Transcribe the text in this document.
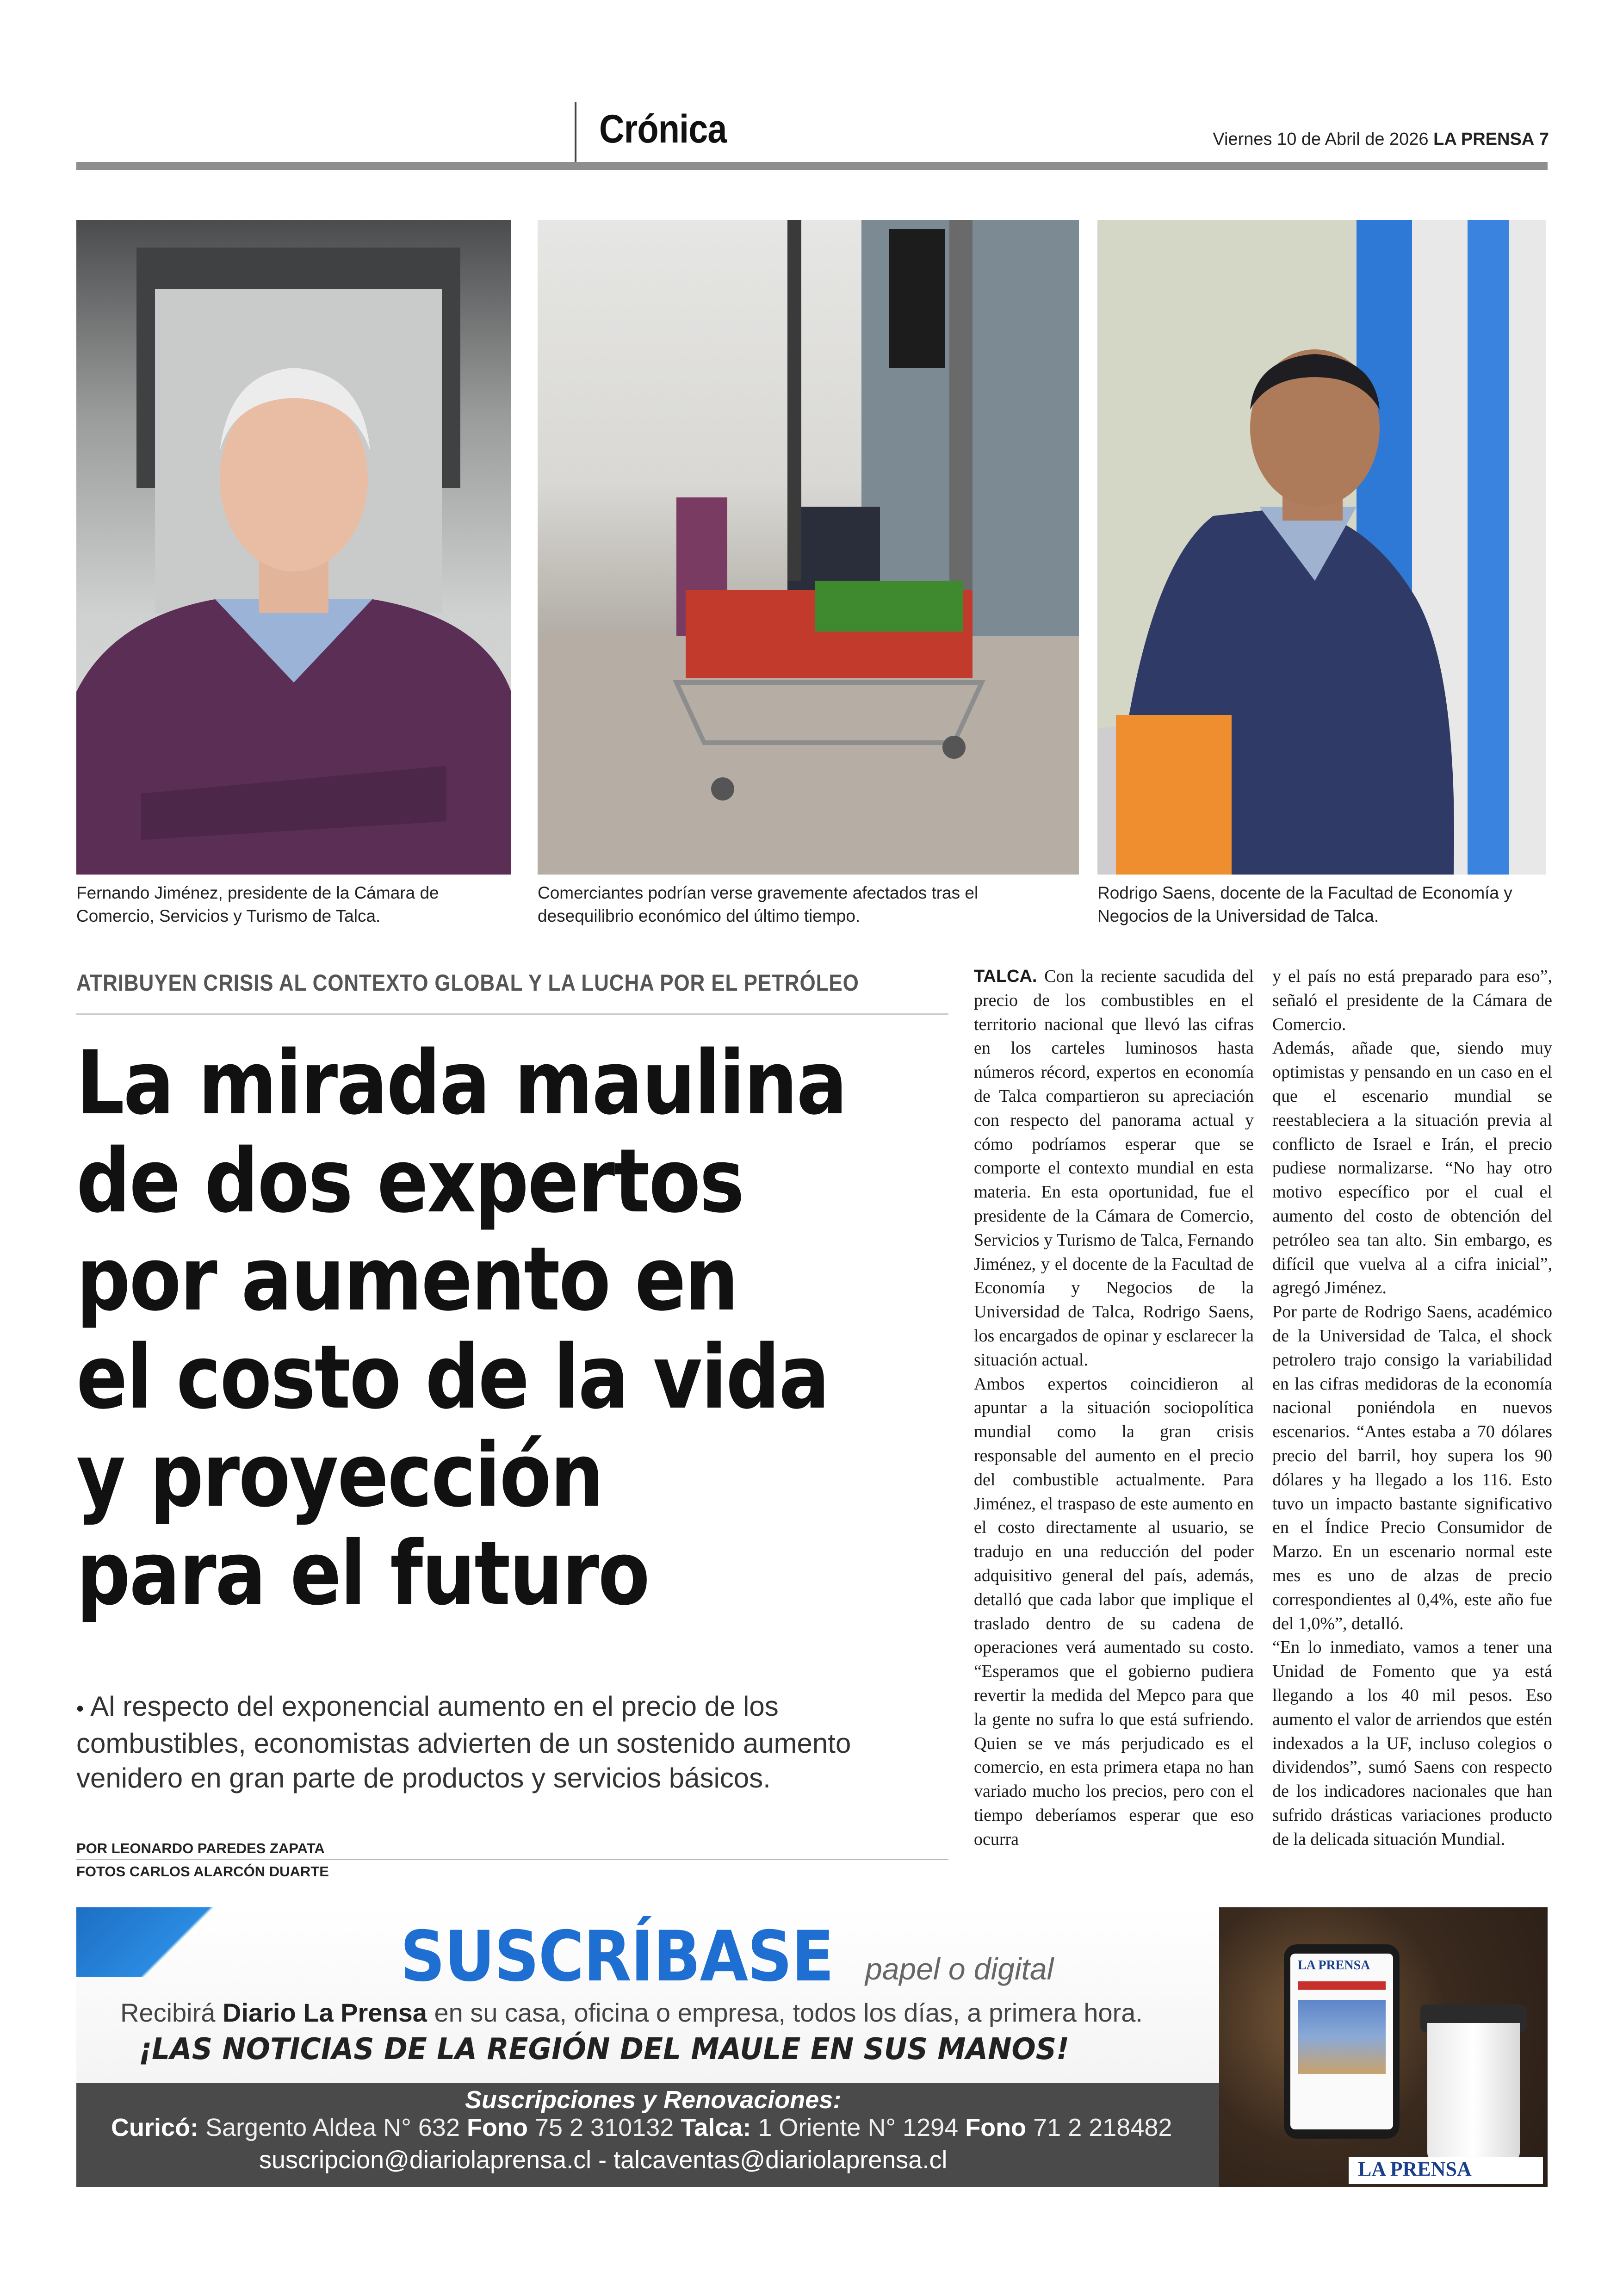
Crónica	Viernes 10 de Abril de 2026 LA PRENSA 7
Fernando Jiménez, presidente de la Cámara de Comercio, Servicios y Turismo de Talca.
Comerciantes podrían verse gravemente afectados tras el desequilibrio económico del último tiempo.
Rodrigo Saens, docente de la Facultad de Economía y Negocios de la Universidad de Talca.
ATRIBUYEN CRISIS AL CONTEXTO GLOBAL Y LA LUCHA POR EL PETRÓLEO
La mirada maulina
de dos expertos
por aumento en
el costo de la vida
y proyección
para el futuro
• Al respecto del exponencial aumento en el precio de los combustibles, economistas advierten de un sostenido aumento venidero en gran parte de productos y servicios básicos.
POR LEONARDO PAREDES ZAPATA
FOTOS CARLOS ALARCÓN DUARTE

TALCA. Con la reciente sacudida del precio de los combustibles en el territorio nacional que llevó las cifras en los carteles luminosos hasta números récord, expertos en economía de Talca compartieron su apreciación con respecto del panorama actual y cómo podríamos esperar que se comporte el contexto mundial en esta materia. En esta oportunidad, fue el presidente de la Cámara de Comercio, Servicios y Turismo de Talca, Fernando Jiménez, y el docente de la Facultad de Economía y Negocios de la Universidad de Talca, Rodrigo Saens, los encargados de opinar y esclarecer la situación actual.

Ambos expertos coincidieron al apuntar a la situación sociopolítica mundial como la gran crisis responsable del aumento en el precio del combustible actualmente. Para Jiménez, el traspaso de este aumento en el costo directamente al usuario, se tradujo en una reducción del poder adquisitivo general del país, además, detalló que cada labor que implique el traslado dentro de su cadena de operaciones verá aumentado su costo. “Esperamos que el gobierno pudiera revertir la medida del Mepco para que la gente no sufra lo que está sufriendo. Quien se ve más perjudicado es el comercio, en esta primera etapa no han variado mucho los precios, pero con el tiempo deberíamos esperar que eso ocurra

y el país no está preparado para eso”, señaló el presidente de la Cámara de Comercio.

Además, añade que, siendo muy optimistas y pensando en un caso en el que el escenario mundial se reestableciera a la situación previa al conflicto de Israel e Irán, el precio pudiese normalizarse. “No hay otro motivo específico por el cual el aumento del costo de obtención del petróleo sea tan alto. Sin embargo, es difícil que vuelva al a cifra inicial”, agregó Jiménez.

Por parte de Rodrigo Saens, académico de la Universidad de Talca, el shock petrolero trajo consigo la variabilidad en las cifras medidoras de la economía nacional poniéndola en nuevos escenarios. “Antes estaba a 70 dólares precio del barril, hoy supera los 90 dólares y ha llegado a los 116. Esto tuvo un impacto bastante significativo en el Índice Precio Consumidor de Marzo. En un escenario normal este mes es uno de alzas de precio correspondientes al 0,4%, este año fue del 1,0%”, detalló.

“En lo inmediato, vamos a tener una Unidad de Fomento que ya está llegando a los 40 mil pesos. Eso aumento el valor de arriendos que estén indexados a la UF, incluso colegios o dividendos”, sumó Saens con respecto de los indicadores nacionales que han sufrido drásticas variaciones producto de la delicada situación Mundial.

LA PRENSA
SUSCRÍBASE papel o digital
Recibirá Diario La Prensa en su casa, oficina o empresa, todos los días, a primera hora.
¡LAS NOTICIAS DE LA REGIÓN DEL MAULE EN SUS MANOS!
Suscripciones y Renovaciones:
Curicó: Sargento Aldea N° 632 Fono 75 2 310132 Talca: 1 Oriente N° 1294 Fono 71 2 218482
suscripcion@diariolaprensa.cl - talcaventas@diariolaprensa.cl	LA PRENSA
